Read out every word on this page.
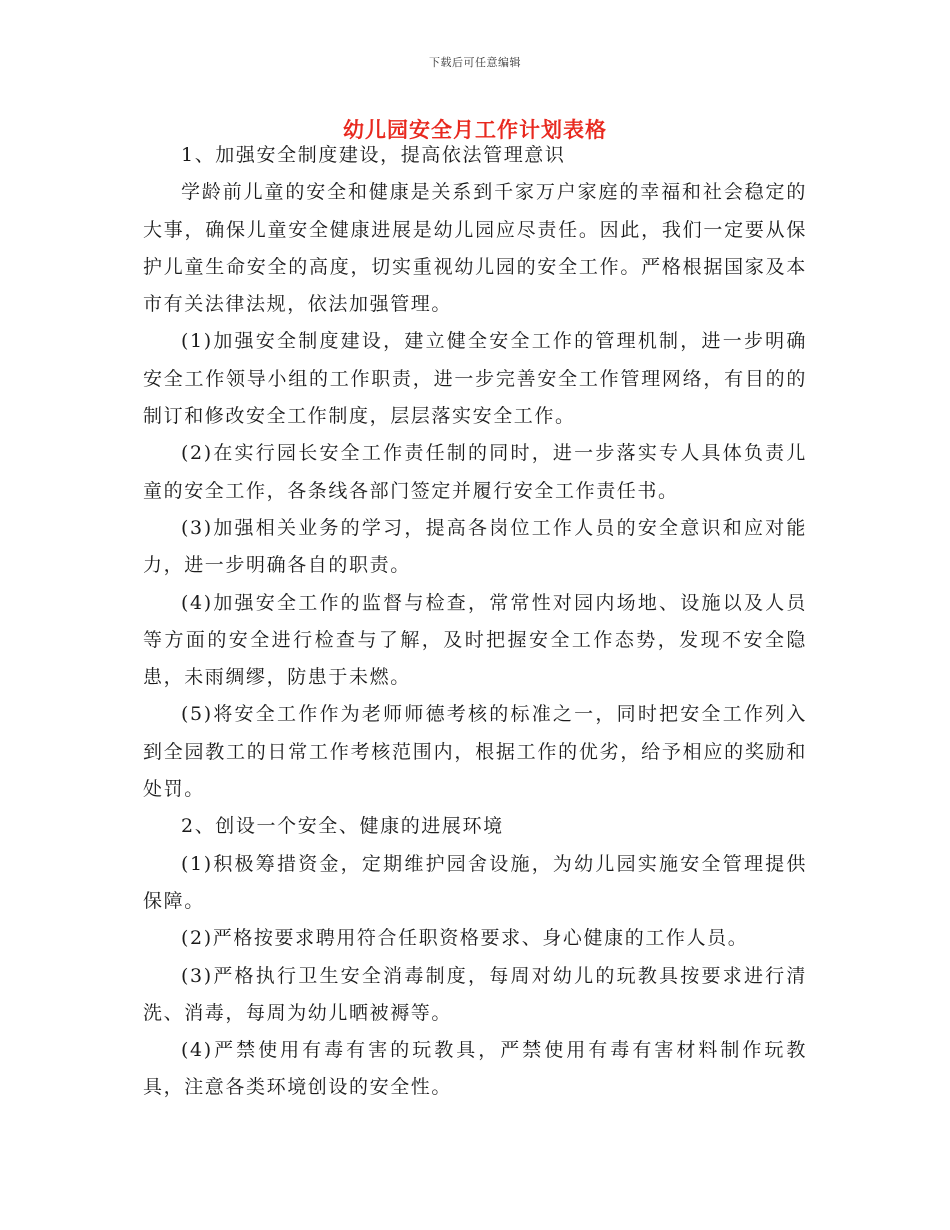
下载后可任意编辑
幼儿园安全月工作计划表格

1、加强安全制度建设，提高依法管理意识

学龄前儿童的安全和健康是关系到千家万户家庭的幸福和社会稳定的大事，确保儿童安全健康进展是幼儿园应尽责任。因此，我们一定要从保护儿童生命安全的高度，切实重视幼儿园的安全工作。严格根据国家及本市有关法律法规，依法加强管理。

(1)加强安全制度建设，建立健全安全工作的管理机制，进一步明确安全工作领导小组的工作职责，进一步完善安全工作管理网络，有目的的制订和修改安全工作制度，层层落实安全工作。

(2)在实行园长安全工作责任制的同时，进一步落实专人具体负责儿童的安全工作，各条线各部门签定并履行安全工作责任书。

(3)加强相关业务的学习，提高各岗位工作人员的安全意识和应对能力，进一步明确各自的职责。

(4)加强安全工作的监督与检查，常常性对园内场地、设施以及人员等方面的安全进行检查与了解，及时把握安全工作态势，发现不安全隐患，未雨绸缪，防患于未燃。

(5)将安全工作作为老师师德考核的标准之一，同时把安全工作列入到全园教工的日常工作考核范围内，根据工作的优劣，给予相应的奖励和处罚。

2、创设一个安全、健康的进展环境

(1)积极筹措资金，定期维护园舍设施，为幼儿园实施安全管理提供保障。

(2)严格按要求聘用符合任职资格要求、身心健康的工作人员。

(3)严格执行卫生安全消毒制度，每周对幼儿的玩教具按要求进行清洗、消毒，每周为幼儿晒被褥等。

(4)严禁使用有毒有害的玩教具，严禁使用有毒有害材料制作玩教具，注意各类环境创设的安全性。
